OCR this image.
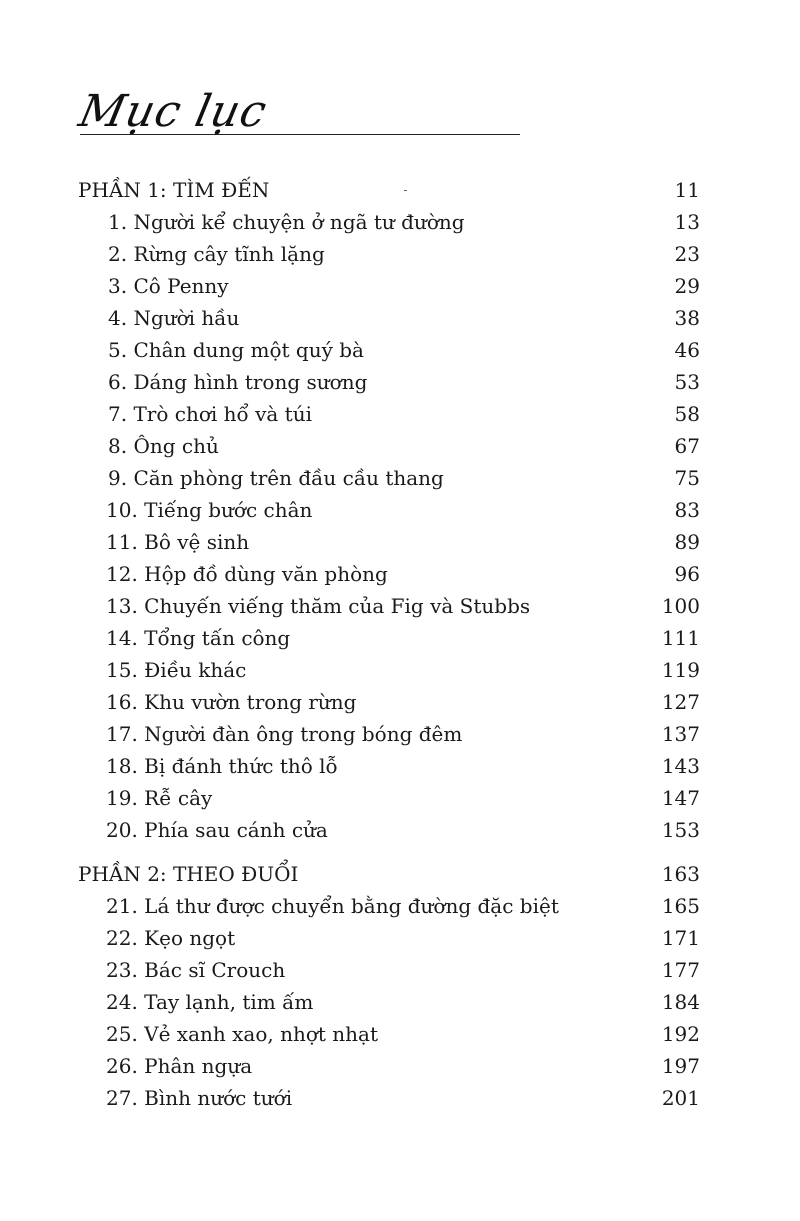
Mục lục
PHẦN 1: TÌM ĐẾN	11
1. Người kể chuyện ở ngã tư đường	13
2. Rừng cây tĩnh lặng	23
3. Cô Penny	29
4. Người hầu	38
5. Chân dung một quý bà	46
6. Dáng hình trong sương	53
7. Trò chơi hổ và túi	58
8. Ông chủ	67
9. Căn phòng trên đầu cầu thang	75
10. Tiếng bước chân	83
11. Bô vệ sinh	89
12. Hộp đồ dùng văn phòng	96
13. Chuyến viếng thăm của Fig và Stubbs	100
14. Tổng tấn công	111
15. Điều khác	119
16. Khu vườn trong rừng	127
17. Người đàn ông trong bóng đêm	137
18. Bị đánh thức thô lỗ	143
19. Rễ cây	147
20. Phía sau cánh cửa	153
PHẦN 2: THEO ĐUỔI	163
21. Lá thư được chuyển bằng đường đặc biệt	165
22. Kẹo ngọt	171
23. Bác sĩ Crouch	177
24. Tay lạnh, tim ấm	184
25. Vẻ xanh xao, nhợt nhạt	192
26. Phân ngựa	197
27. Bình nước tưới	201
